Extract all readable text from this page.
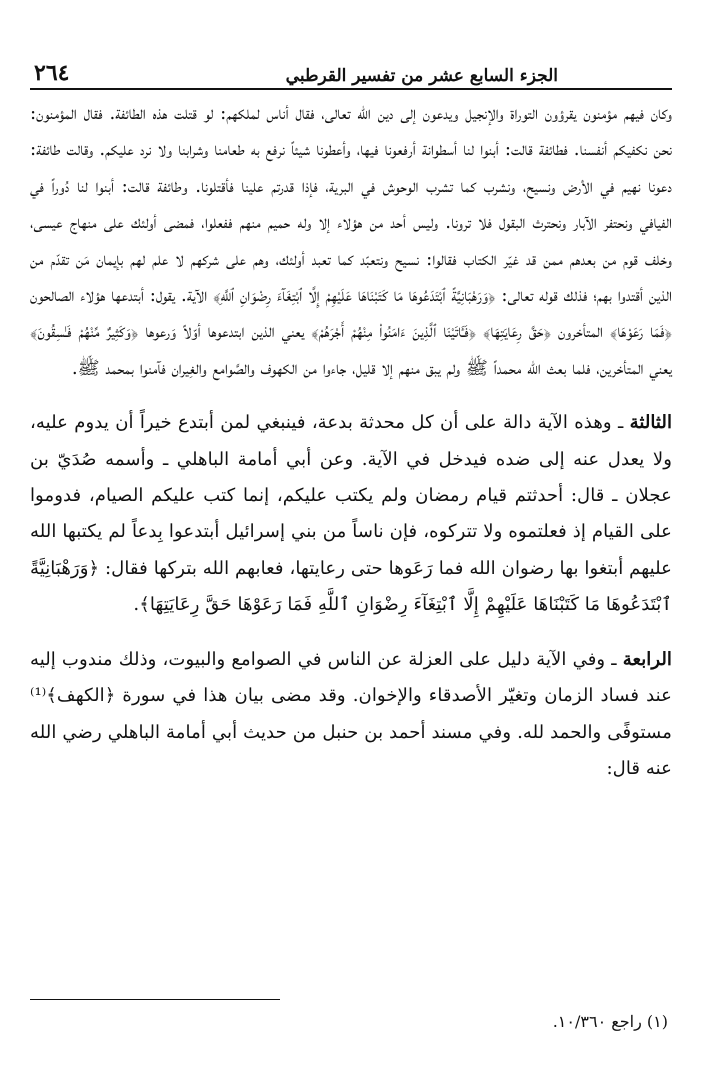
٢٦٤	الجزء السابع عشر من تفسير القرطبي

وكان فيهم مؤمنون يقرؤون التوراة والإنجيل ويدعون إلى دين الله تعالى، فقال أناس لملكهم: لو قتلت هذه الطائفة. فقال المؤمنون: نحن نكفيكم أنفسنا. فطائفة قالت: أبنوا لنا أسطوانة أرفعونا فيها، وأعطونا شيئاً نرفع به طعامنا وشرابنا ولا نرد عليكم. وقالت طائفة: دعونا نهيم في الأرض ونسيح، ونشرب كما تشرب الوحوش في البرية، فإذا قدرتم علينا فأقتلونا. وطائفة قالت: أبنوا لنا دُوراً في الفيافي ونحتفر الآبار ونحترث البقول فلا ترونا. وليس أحد من هؤلاء إلا وله حميم منهم ففعلوا، فمضى أولئك على منهاج عيسى، وخلف قوم من بعدهم ممن قد غيّر الكتاب فقالوا: نسيح ونتعبّد كما تعبد أولئك، وهم على شركهم لا علم لهم بإيمان مَن تقدّم من الذين أقتدوا بهم؛ فذلك قوله تعالى: ﴿وَرَهْبَانِيَّةً ٱبْتَدَعُوهَا مَا كَتَبْنَاهَا عَلَيْهِمْ إِلَّا ٱبْتِغَآءَ رِضْوَانِ ٱللَّهِ﴾ الآية. يقول: أبتدعها هؤلاء الصالحون ﴿فَمَا رَعَوْهَا﴾ المتأخرون ﴿حَقَّ رِعَايَتِهَا﴾ ﴿فَـَٔاتَيْنَا ٱلَّذِينَ ءَامَنُوا۟ مِنْهُمْ أَجْرَهُمْ﴾ يعني الذين ابتدعوها أوّلاً وَرعوها ﴿وَكَثِيرٌ مِّنْهُمْ فَـٰسِقُونَ﴾ يعني المتأخرين، فلما بعث الله محمداً ﷺ ولم يبق منهم إلا قليل، جاءوا من الكهوف والصَّوامع والغِيران فآمنوا بمحمد ﷺ.

الثالثة ـ وهذه الآية دالة على أن كل محدثة بدعة، فينبغي لمن أبتدع خيراً أن يدوم عليه، ولا يعدل عنه إلى ضده فيدخل في الآية. وعن أبي أمامة الباهلي ـ وأسمه صُدَيّ بن عجلان ـ قال: أحدثتم قيام رمضان ولم يكتب عليكم، إنما كتب عليكم الصيام، فدوموا على القيام إذ فعلتموه ولا تتركوه، فإن ناساً من بني إسرائيل أبتدعوا بِدعاً لم يكتبها الله عليهم أبتغوا بها رضوان الله فما رَعَوها حتى رعايتها، فعابهم الله بتركها فقال: ﴿وَرَهْبَانِيَّةً ٱبْتَدَعُوهَا مَا كَتَبْنَاهَا عَلَيْهِمْ إِلَّا ٱبْتِغَآءَ رِضْوَانِ ٱللَّهِ فَمَا رَعَوْهَا حَقَّ رِعَايَتِهَا﴾.

الرابعة ـ وفي الآية دليل على العزلة عن الناس في الصوامع والبيوت، وذلك مندوب إليه عند فساد الزمان وتغيّر الأصدقاء والإخوان. وقد مضى بيان هذا في سورة ﴿الكهف﴾⁽¹⁾ مستوفًى والحمد لله. وفي مسند أحمد بن حنبل من حديث أبي أمامة الباهلي رضي الله عنه قال:

(١) راجع ١٠/٣٦٠.
